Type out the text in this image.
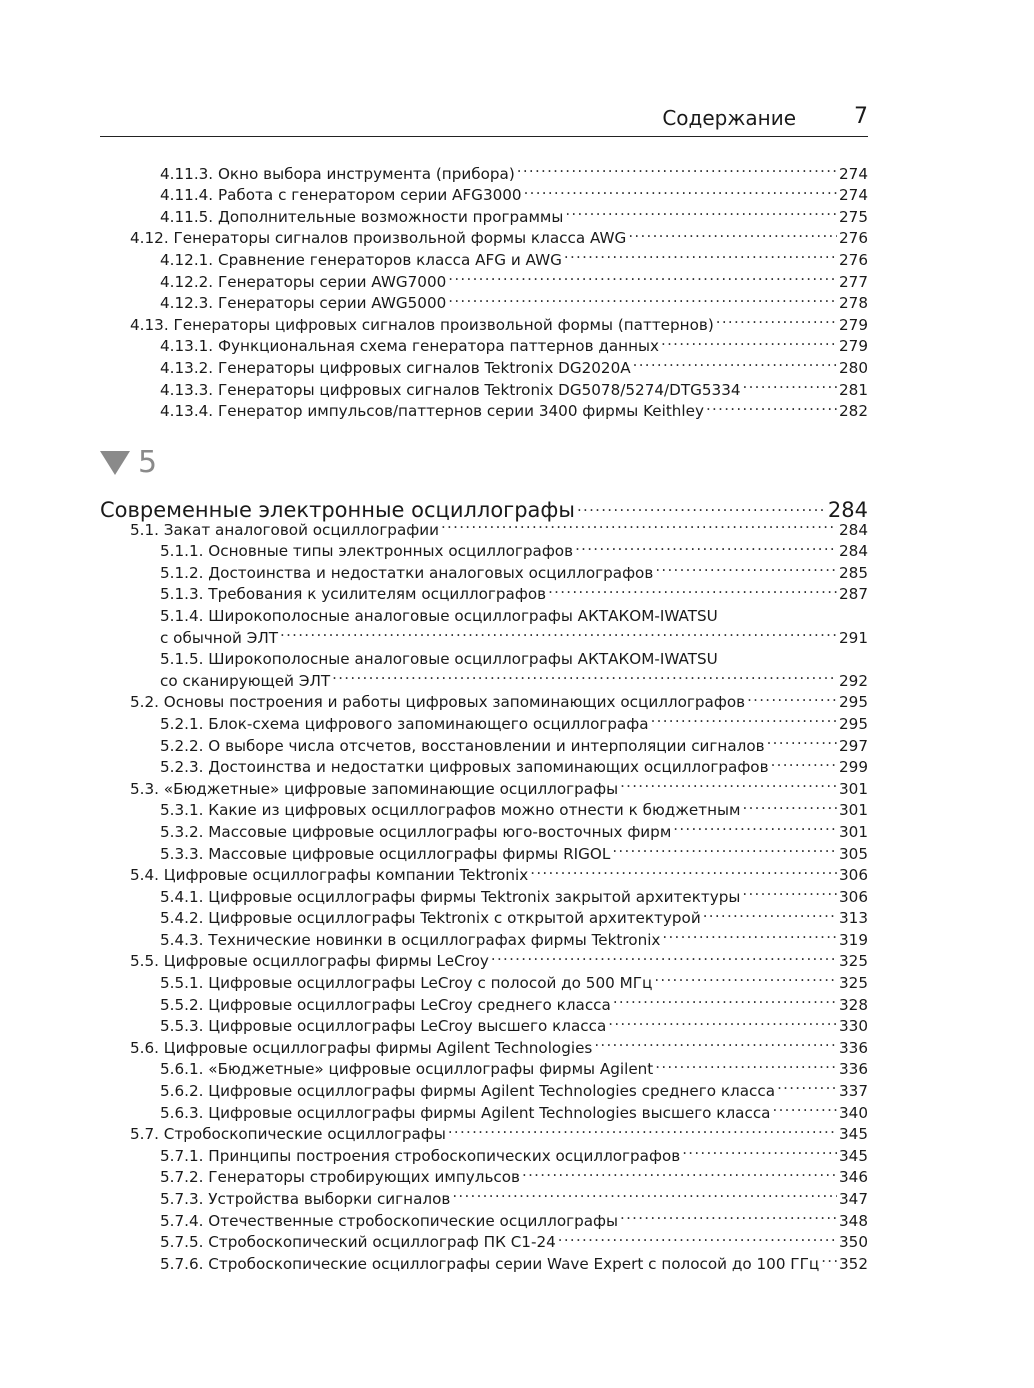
Содержание	7
4.11.3. Окно выбора инструмента (прибора) .....	274
4.11.4. Работа с генератором серии AFG3000 .....	274
4.11.5. Дополнительные возможности программы .....	275
4.12. Генераторы сигналов произвольной формы класса AWG .....	276
4.12.1. Сравнение генераторов класса AFG и AWG .....	276
4.12.2. Генераторы серии AWG7000 .....	277
4.12.3. Генераторы серии AWG5000 .....	278
4.13. Генераторы цифровых сигналов произвольной формы (паттернов) .....	279
4.13.1. Функциональная схема генератора паттернов данных .....	279
4.13.2. Генераторы цифровых сигналов Tektronix DG2020A .....	280
4.13.3. Генераторы цифровых сигналов Tektronix DG5078/5274/DTG5334 .....	281
4.13.4. Генератор импульсов/паттернов серии 3400 фирмы Keithley .....	282
5
Современные электронные осциллографы .....	284
5.1. Закат аналоговой осциллографии .....	284
5.1.1. Основные типы электронных осциллографов .....	284
5.1.2. Достоинства и недостатки аналоговых осциллографов .....	285
5.1.3. Требования к усилителям осциллографов .....	287
5.1.4. Широкополосные аналоговые осциллографы АКТАКОМ-IWATSU
с обычной ЭЛТ .....	291
5.1.5. Широкополосные аналоговые осциллографы АКТАКОМ-IWATSU
со сканирующей ЭЛТ .....	292
5.2. Основы построения и работы цифровых запоминающих осциллографов .....	295
5.2.1. Блок-схема цифрового запоминающего осциллографа .....	295
5.2.2. О выборе числа отсчетов, восстановлении и интерполяции сигналов .....	297
5.2.3. Достоинства и недостатки цифровых запоминающих осциллографов .....	299
5.3. «Бюджетные» цифровые запоминающие осциллографы .....	301
5.3.1. Какие из цифровых осциллографов можно отнести к бюджетным .....	301
5.3.2. Массовые цифровые осциллографы юго-восточных фирм .....	301
5.3.3. Массовые цифровые осциллографы фирмы RIGOL .....	305
5.4. Цифровые осциллографы компании Tektronix .....	306
5.4.1. Цифровые осциллографы фирмы Tektronix закрытой архитектуры .....	306
5.4.2. Цифровые осциллографы Tektronix с открытой архитектурой .....	313
5.4.3. Технические новинки в осциллографах фирмы Tektronix .....	319
5.5. Цифровые осциллографы фирмы LeCroy .....	325
5.5.1. Цифровые осциллографы LeCroy с полосой до 500 МГц .....	325
5.5.2. Цифровые осциллографы LeCroy среднего класса .....	328
5.5.3. Цифровые осциллографы LeCroy высшего класса .....	330
5.6. Цифровые осциллографы фирмы Agilent Technologies .....	336
5.6.1. «Бюджетные» цифровые осциллографы фирмы Agilent .....	336
5.6.2. Цифровые осциллографы фирмы Agilent Technologies среднего класса .....	337
5.6.3. Цифровые осциллографы фирмы Agilent Technologies высшего класса .....	340
5.7. Стробоскопические осциллографы .....	345
5.7.1. Принципы построения стробоскопических осциллографов .....	345
5.7.2. Генераторы стробирующих импульсов .....	346
5.7.3. Устройства выборки сигналов .....	347
5.7.4. Отечественные стробоскопические осциллографы .....	348
5.7.5. Стробоскопический осциллограф ПК С1-24 .....	350
5.7.6. Стробоскопические осциллографы серии Wave Expert с полосой до 100 ГГц ..... 352
